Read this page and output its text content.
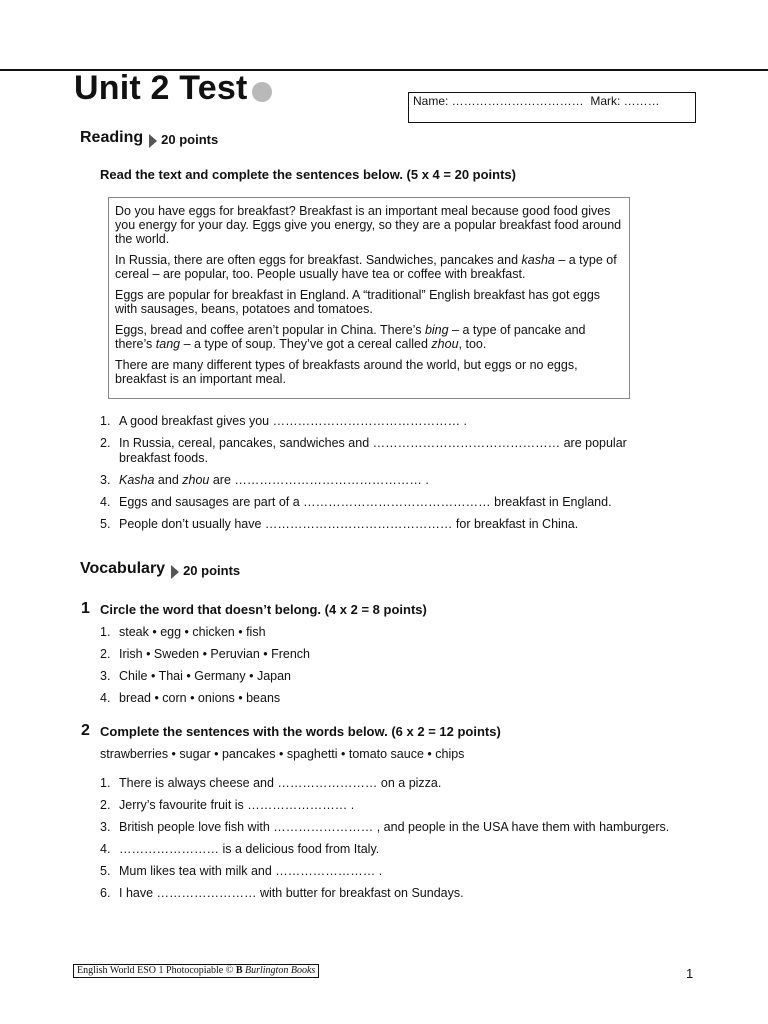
Unit 2 Test	Name: ……………………………  Mark: ………
Reading 20 points
Read the text and complete the sentences below. (5 x 4 = 20 points)

Do you have eggs for breakfast? Breakfast is an important meal because good food gives you energy for your day. Eggs give you energy, so they are a popular breakfast food around the world.

In Russia, there are often eggs for breakfast. Sandwiches, pancakes and kasha – a type of cereal – are popular, too. People usually have tea or coffee with breakfast.

Eggs are popular for breakfast in England. A “traditional” English breakfast has got eggs with sausages, beans, potatoes and tomatoes.

Eggs, bread and coffee aren’t popular in China. There’s bing – a type of pancake and there’s tang – a type of soup. They’ve got a cereal called zhou, too.

There are many different types of breakfasts around the world, but eggs or no eggs, breakfast is an important meal.

1. A good breakfast gives you ……………………………………… .
2. In Russia, cereal, pancakes, sandwiches and ……………………………………… are popular breakfast foods.
3. Kasha and zhou are ……………………………………… .
4. Eggs and sausages are part of a ……………………………………… breakfast in England.
5. People don’t usually have ……………………………………… for breakfast in China.
Vocabulary 20 points
1 Circle the word that doesn’t belong. (4 x 2 = 8 points)
1. steak • egg • chicken • fish
2. Irish • Sweden • Peruvian • French
3. Chile • Thai • Germany • Japan
4. bread • corn • onions • beans
2 Complete the sentences with the words below. (6 x 2 = 12 points)
strawberries • sugar • pancakes • spaghetti • tomato sauce • chips
1. There is always cheese and …………………… on a pizza.
2. Jerry’s favourite fruit is …………………… .
3. British people love fish with …………………… , and people in the USA have them with hamburgers.
4. …………………… is a delicious food from Italy.
5. Mum likes tea with milk and …………………… .
6. I have …………………… with butter for breakfast on Sundays.
English World ESO 1 Photocopiable © B Burlington Books	1
